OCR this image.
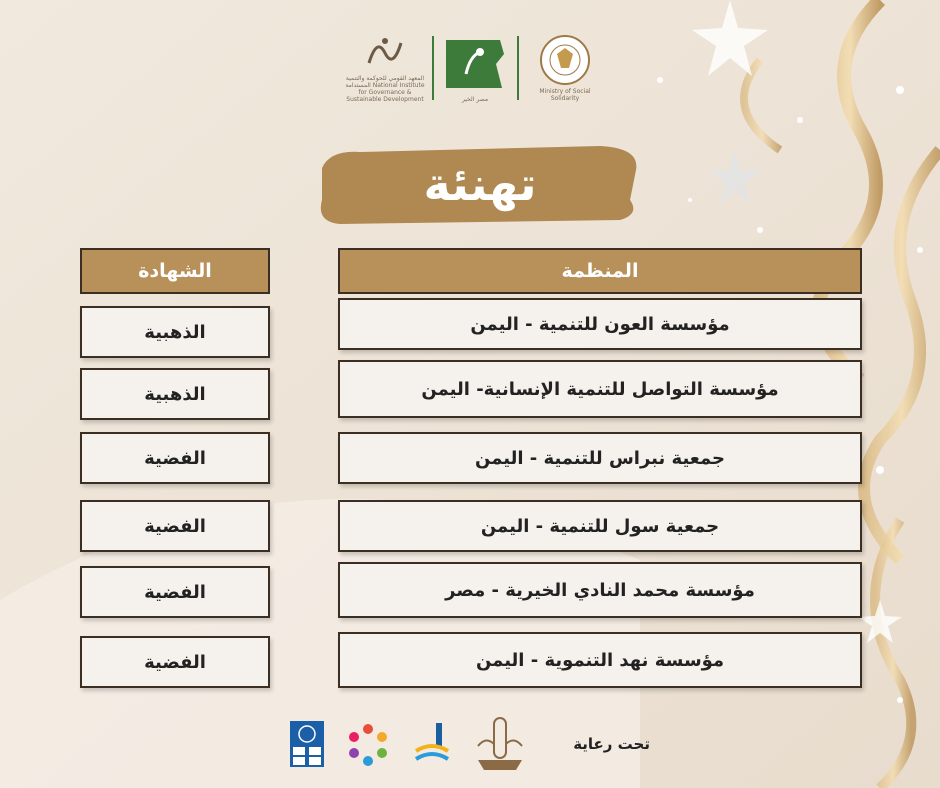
المعهد القومي للحوكمة والتنمية المستدامة National Institute for Governance & Sustainable Development	مصر الخير
Ministry of Social Solidarity
تهنئة
المنظمة
الشهادة
مؤسسة العون للتنمية - اليمن
الذهبية
مؤسسة التواصل للتنمية الإنسانية- اليمن
الذهبية
جمعية نبراس للتنمية - اليمن
الفضية
جمعية سول للتنمية - اليمن
الفضية
مؤسسة محمد النادي الخيرية - مصر
الفضية
مؤسسة نهد التنموية - اليمن
الفضية
تحت رعاية
